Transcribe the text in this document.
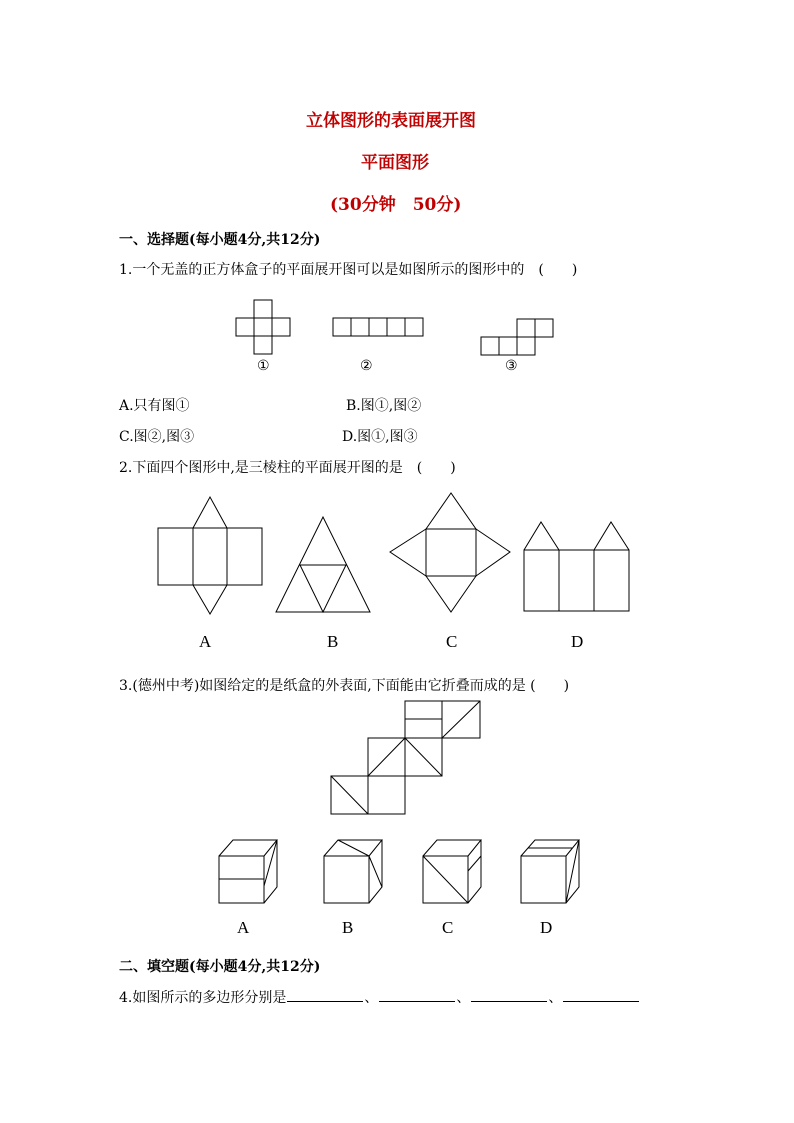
立体图形的表面展开图
平面图形
(30分钟　50分)
一、选择题(每小题4分,共12分)
1.一个无盖的正方体盒子的平面展开图可以是如图所示的图形中的　(　　)
①	②	③
A.只有图①	B.图①,图②
C.图②,图③	D.图①,图③
2.下面四个图形中,是三棱柱的平面展开图的是　(　　)
A	B	C	D
3.(德州中考)如图给定的是纸盒的外表面,下面能由它折叠而成的是 (　　)
A	B	C	D
二、填空题(每小题4分,共12分)
4.如图所示的多边形分别是	、	、	、
